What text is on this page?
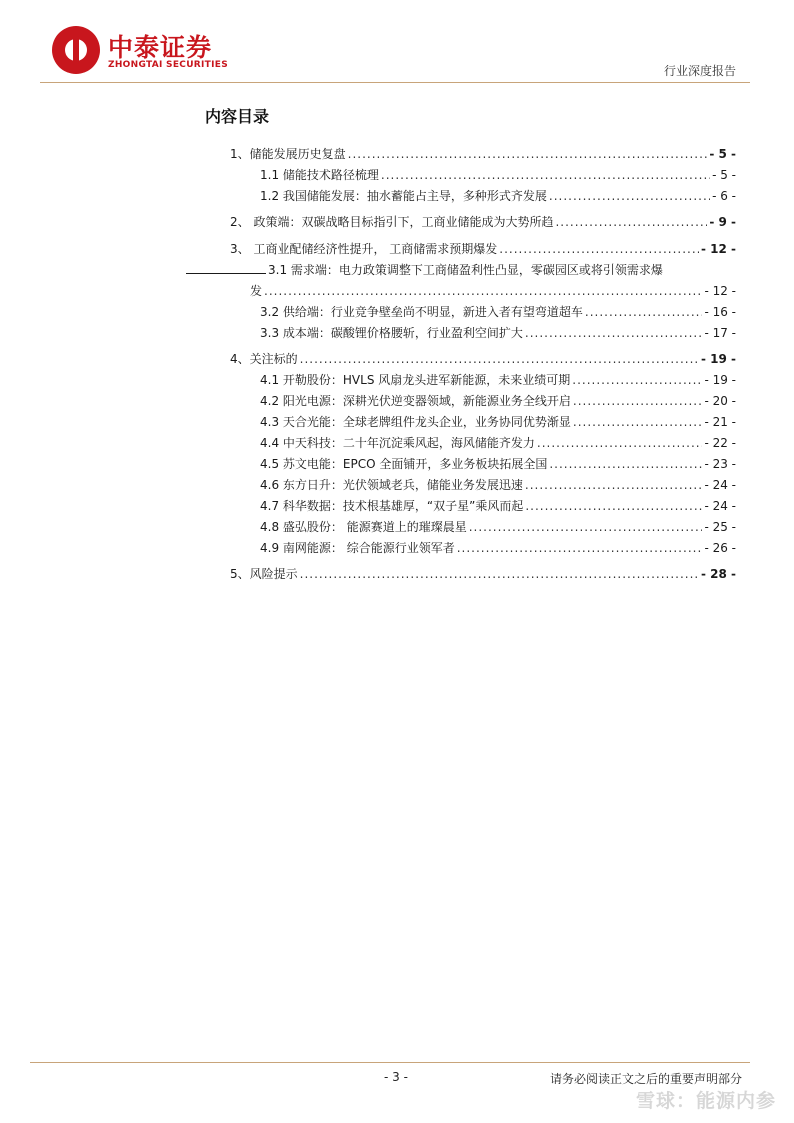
中泰证券
ZHONGTAI SECURITIES	行业深度报告
内容目录
1、储能发展历史复盘 .....	- 5 -
1.1 储能技术路径梳理 .....	- 5 -
1.2 我国储能发展：抽水蓄能占主导，多种形式齐发展 .....	- 6 -
2、 政策端：双碳战略目标指引下，工商业储能成为大势所趋 .....	- 9 -
3、 工商业配储经济性提升， 工商储需求预期爆发 .....	- 12 -
3.1 需求端：电力政策调整下工商储盈利性凸显，零碳园区或将引领需求爆
发 .....	- 12 -
3.2 供给端：行业竞争壁垒尚不明显，新进入者有望弯道超车 .....	- 16 -
3.3 成本端：碳酸锂价格腰斩，行业盈利空间扩大 .....	- 17 -
4、关注标的 .....	- 19 -
4.1 开勒股份：HVLS 风扇龙头进军新能源，未来业绩可期 .....	- 19 -
4.2 阳光电源：深耕光伏逆变器领域，新能源业务全线开启 .....	- 20 -
4.3 天合光能：全球老牌组件龙头企业，业务协同优势渐显 .....	- 21 -
4.4 中天科技：二十年沉淀乘风起，海风储能齐发力 .....	- 22 -
4.5 苏文电能：EPCO 全面铺开，多业务板块拓展全国 .....	- 23 -
4.6 东方日升：光伏领域老兵，储能业务发展迅速 .....	- 24 -
4.7 科华数据：技术根基雄厚，“双子星”乘风而起 .....	- 24 -
4.8 盛弘股份： 能源赛道上的璀璨晨星 .....	- 25 -
4.9 南网能源： 综合能源行业领军者 .....	- 26 -
5、风险提示 .....	- 28 -
- 3 -	请务必阅读正文之后的重要声明部分
雪球：能源内参
